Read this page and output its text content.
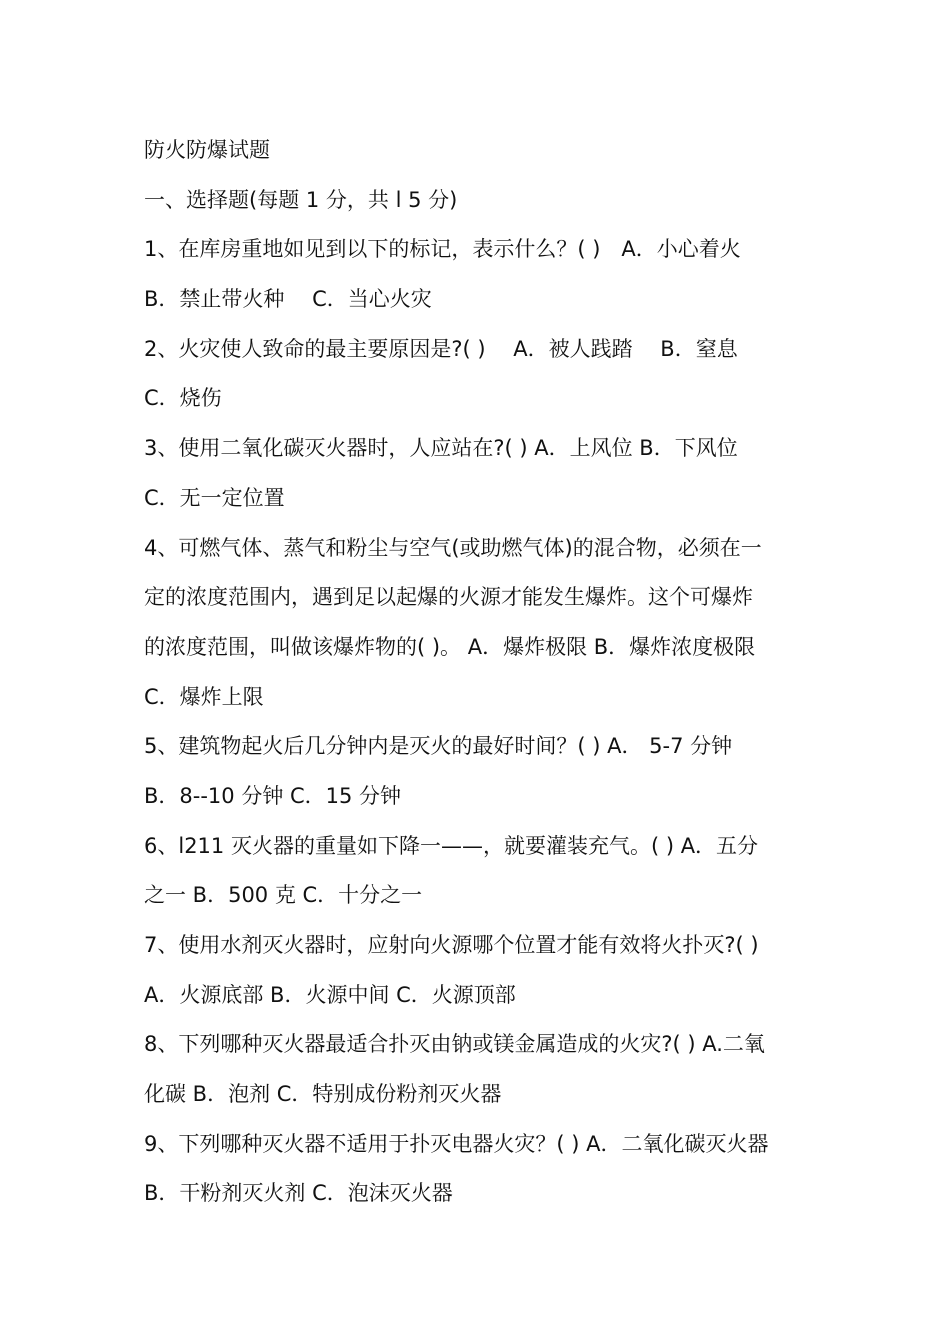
防火防爆试题
一、选择题(每题 1 分，共 l 5 分)
1、在库房重地如见到以下的标记，表示什么？( )　A．小心着火
B．禁止带火种　 C．当心火灾
2、火灾使人致命的最主要原因是?( )　 A．被人践踏　 B．窒息
C．烧伤
3、使用二氧化碳灭火器时，人应站在?( ) A．上风位 B．下风位
C．无一定位置
4、可燃气体、蒸气和粉尘与空气(或助燃气体)的混合物，必须在一
定的浓度范围内，遇到足以起爆的火源才能发生爆炸。这个可爆炸
的浓度范围，叫做该爆炸物的( )。 A．爆炸极限 B．爆炸浓度极限
C．爆炸上限
5、建筑物起火后几分钟内是灭火的最好时间？( ) A． 5-7 分钟
B．8--10 分钟 C．15 分钟
6、l211 灭火器的重量如下降一——，就要灌装充气。( ) A．五分
之一 B．500 克 C．十分之一
7、使用水剂灭火器时，应射向火源哪个位置才能有效将火扑灭?( )
A．火源底部 B．火源中间 C．火源顶部
8、下列哪种灭火器最适合扑灭由钠或镁金属造成的火灾?( ) A.二氧
化碳 B．泡剂 C．特别成份粉剂灭火器
9、下列哪种灭火器不适用于扑灭电器火灾？( ) A．二氧化碳灭火器
B．干粉剂灭火剂 C．泡沫灭火器
